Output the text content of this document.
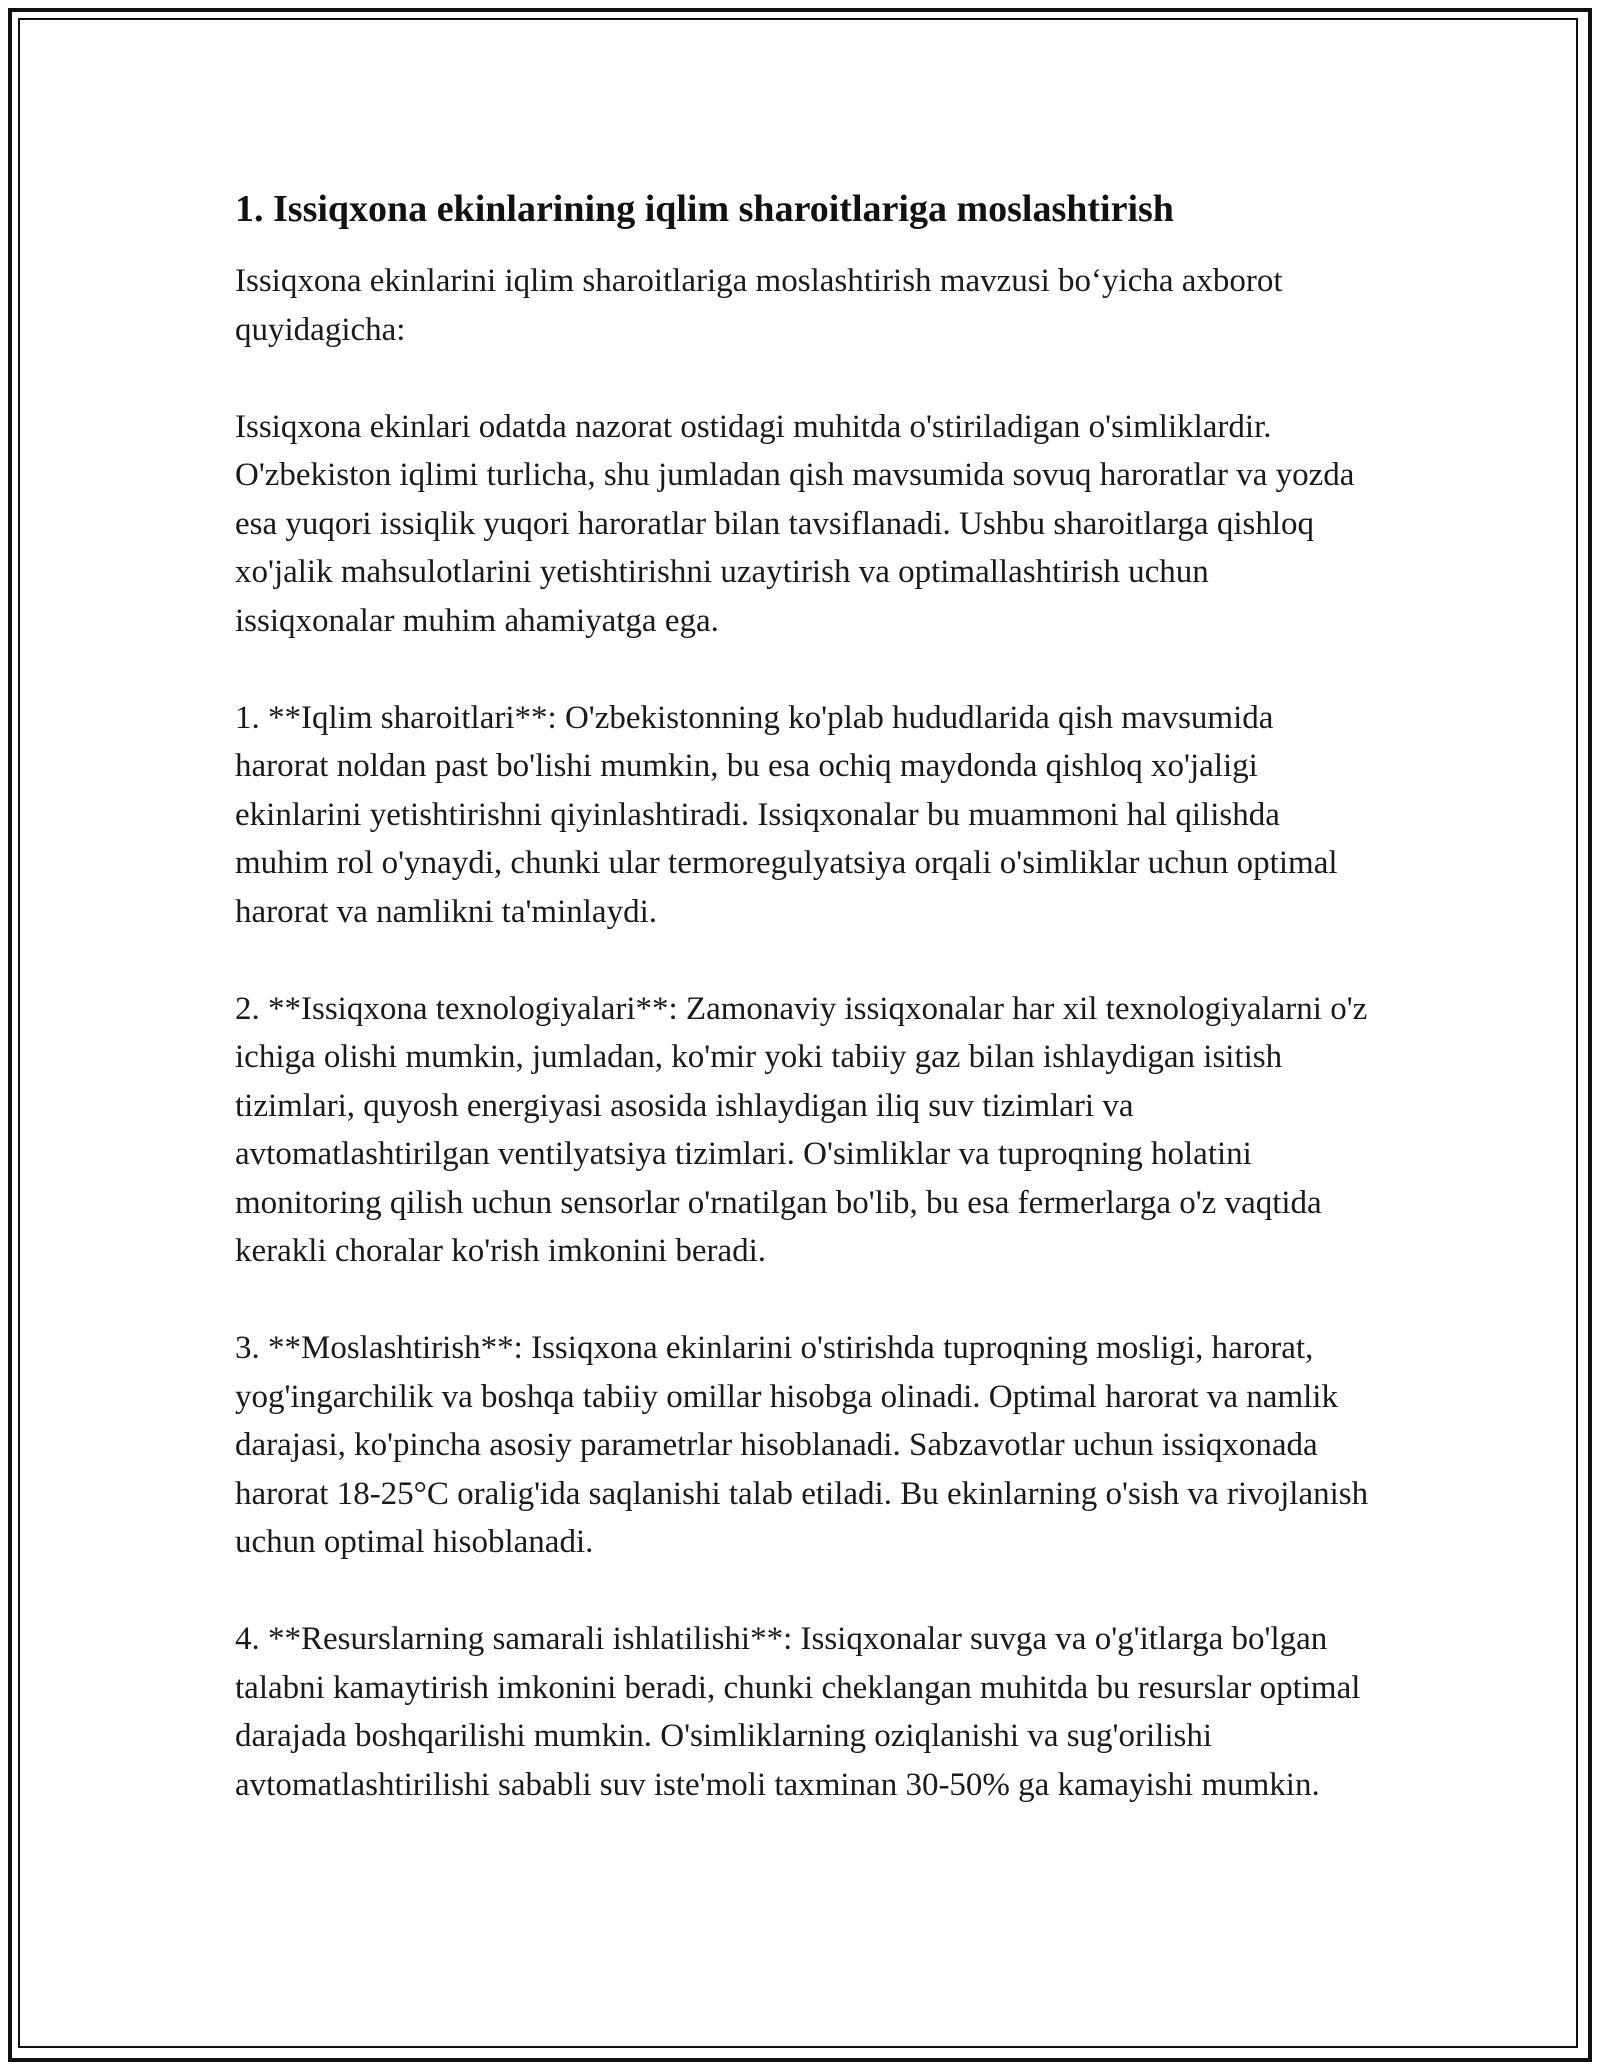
1. Issiqxona ekinlarining iqlim sharoitlariga moslashtirish

Issiqxona ekinlarini iqlim sharoitlariga moslashtirish mavzusi bo‘yicha axborot quyidagicha:

Issiqxona ekinlari odatda nazorat ostidagi muhitda o'stiriladigan o'simliklardir. O'zbekiston iqlimi turlicha, shu jumladan qish mavsumida sovuq haroratlar va yozda esa yuqori issiqlik yuqori haroratlar bilan tavsiflanadi. Ushbu sharoitlarga qishloq xo'jalik mahsulotlarini yetishtirishni uzaytirish va optimallashtirish uchun issiqxonalar muhim ahamiyatga ega.

1. **Iqlim sharoitlari**: O'zbekistonning ko'plab hududlarida qish mavsumida harorat noldan past bo'lishi mumkin, bu esa ochiq maydonda qishloq xo'jaligi ekinlarini yetishtirishni qiyinlashtiradi. Issiqxonalar bu muammoni hal qilishda muhim rol o'ynaydi, chunki ular termoregulyatsiya orqali o'simliklar uchun optimal harorat va namlikni ta'minlaydi.

2. **Issiqxona texnologiyalari**: Zamonaviy issiqxonalar har xil texnologiyalarni o'z ichiga olishi mumkin, jumladan, ko'mir yoki tabiiy gaz bilan ishlaydigan isitish tizimlari, quyosh energiyasi asosida ishlaydigan iliq suv tizimlari va avtomatlashtirilgan ventilyatsiya tizimlari. O'simliklar va tuproqning holatini monitoring qilish uchun sensorlar o'rnatilgan bo'lib, bu esa fermerlarga o'z vaqtida kerakli choralar ko'rish imkonini beradi.

3. **Moslashtirish**: Issiqxona ekinlarini o'stirishda tuproqning mosligi, harorat, yog'ingarchilik va boshqa tabiiy omillar hisobga olinadi. Optimal harorat va namlik darajasi, ko'pincha asosiy parametrlar hisoblanadi. Sabzavotlar uchun issiqxonada harorat 18-25°C oralig'ida saqlanishi talab etiladi. Bu ekinlarning o'sish va rivojlanish uchun optimal hisoblanadi.

4. **Resurslarning samarali ishlatilishi**: Issiqxonalar suvga va o'g'itlarga bo'lgan talabni kamaytirish imkonini beradi, chunki cheklangan muhitda bu resurslar optimal darajada boshqarilishi mumkin. O'simliklarning oziqlanishi va sug'orilishi avtomatlashtirilishi sababli suv iste'moli taxminan 30-50% ga kamayishi mumkin.
